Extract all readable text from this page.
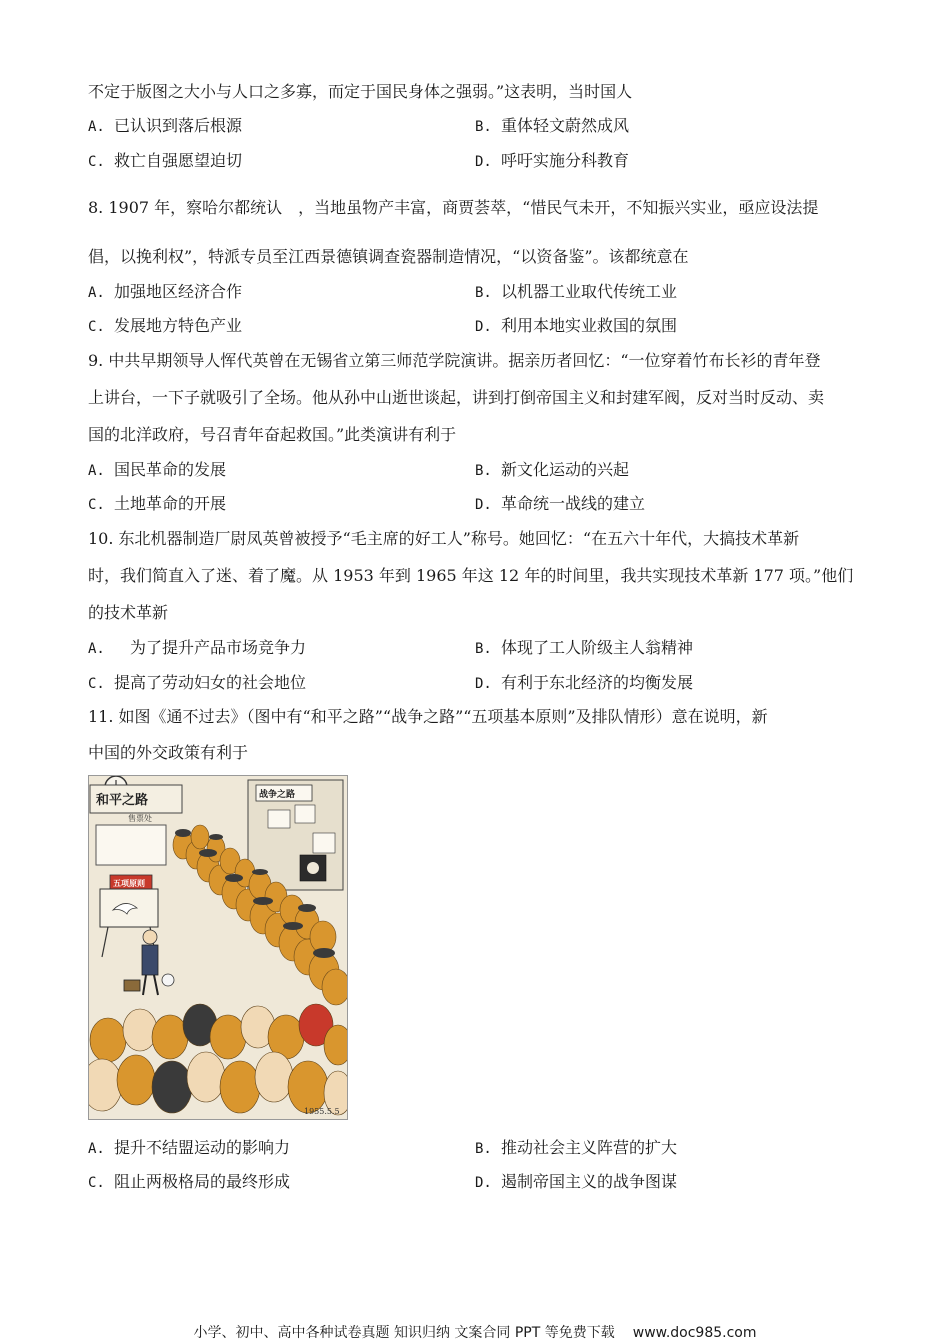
不定于版图之大小与人口之多寡，而定于国民身体之强弱。”这表明，当时国人
A. 已认识到落后根源	B. 重体轻文蔚然成风
C. 救亡自强愿望迫切	D. 呼吁实施分科教育
8. 1907 年，察哈尔都统认　，当地虽物产丰富，商贾荟萃，“惜民气未开，不知振兴实业，亟应设法提
倡，以挽利权”，特派专员至江西景德镇调查瓷器制造情况，“以资备鉴”。该都统意在
A. 加强地区经济合作	B. 以机器工业取代传统工业
C. 发展地方特色产业	D. 利用本地实业救国的氛围
9. 中共早期领导人恽代英曾在无锡省立第三师范学院演讲。据亲历者回忆：“一位穿着竹布长衫的青年登
上讲台，一下子就吸引了全场。他从孙中山逝世谈起，讲到打倒帝国主义和封建军阀，反对当时反动、卖
国的北洋政府，号召青年奋起救国。”此类演讲有利于
A. 国民革命的发展	B. 新文化运动的兴起
C. 土地革命的开展	D. 革命统一战线的建立
10. 东北机器制造厂尉凤英曾被授予“毛主席的好工人”称号。她回忆：“在五六十年代，大搞技术革新
时，我们简直入了迷、着了魔。从 1953 年到 1965 年这 12 年的时间里，我共实现技术革新 177 项。”他们
的技术革新
A.　为了提升产品市场竞争力	B. 体现了工人阶级主人翁精神
C. 提高了劳动妇女的社会地位	D. 有利于东北经济的均衡发展
11. 如图《通不过去》（图中有“和平之路”“战争之路”“五项基本原则”及排队情形）意在说明，新
中国的外交政策有利于
和平之路
售票处
战争之路
五项原则
1955.5.5
A. 提升不结盟运动的影响力	B. 推动社会主义阵营的扩大
C. 阻止两极格局的最终形成	D. 遏制帝国主义的战争图谋
小学、初中、高中各种试卷真题 知识归纳 文案合同 PPT 等免费下载 www.doc985.com
